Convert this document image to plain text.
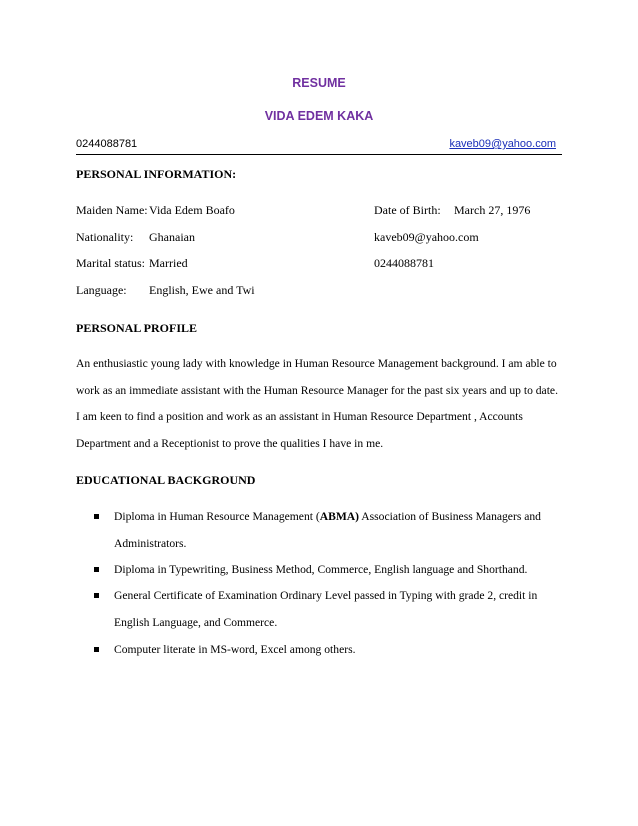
RESUME
VIDA EDEM KAKA
0244088781	kaveb09@yahoo.com
PERSONAL INFORMATION:
Maiden Name: Vida Edem Boafo	Date of Birth: March 27, 1976
Nationality: Ghanaian	kaveb09@yahoo.com
Marital status: Married	0244088781
Language: English, Ewe and Twi
PERSONAL PROFILE
An enthusiastic young lady with knowledge in Human Resource Management background. I am able to
work as an immediate assistant with the Human Resource Manager for the past six years and up to date.
I am keen to find a position and work as an assistant in Human Resource Department , Accounts
Department and a Receptionist to prove the qualities I have in me.
EDUCATIONAL BACKGROUND
Diploma in Human Resource Management (ABMA) Association of Business Managers and
Administrators.
Diploma in Typewriting, Business Method, Commerce, English language and Shorthand.
General Certificate of Examination Ordinary Level passed in Typing with grade 2, credit in
English Language, and Commerce.
Computer literate in MS-word, Excel among others.
